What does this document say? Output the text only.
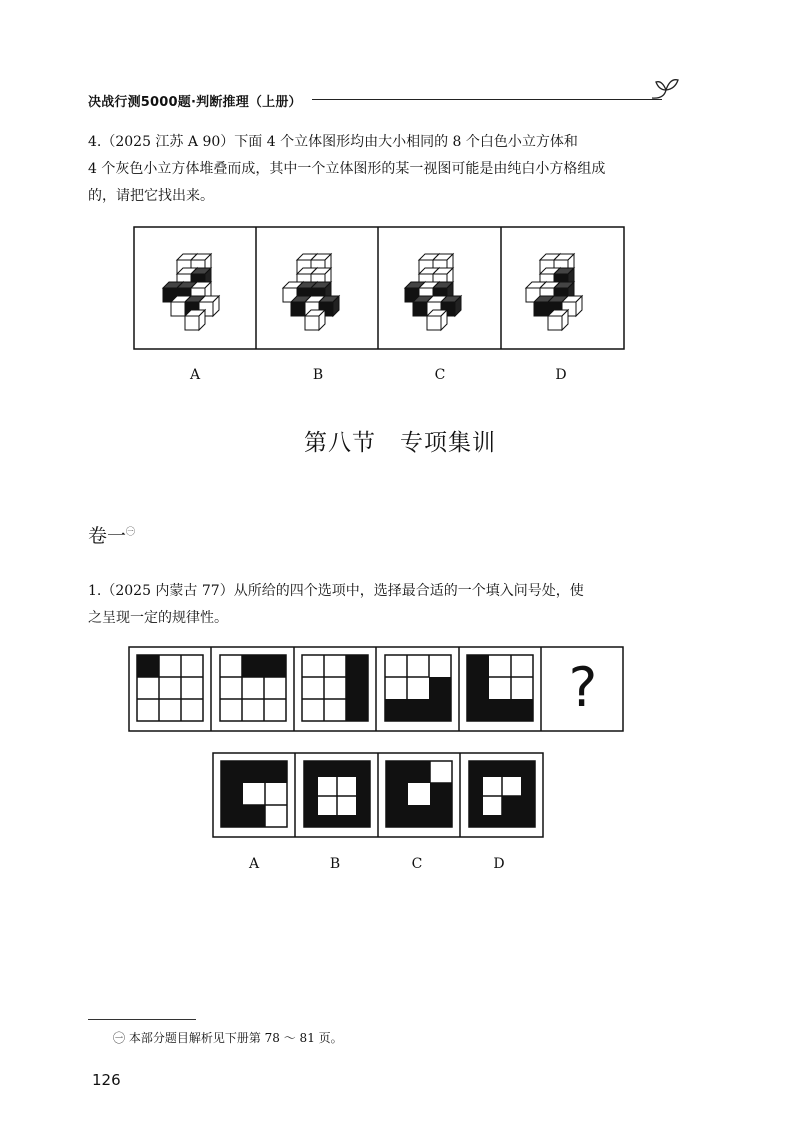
决战行测5000题·判断推理（上册）
4.（2025 江苏 A 90）下面 4 个立体图形均由大小相同的 8 个白色小立方体和
4 个灰色小立方体堆叠而成，其中一个立体图形的某一视图可能是由纯白小方格组成
的，请把它找出来。
A	B	C	D
第八节　专项集训
卷一$^㊀$
1.（2025 内蒙古 77）从所给的四个选项中，选择最合适的一个填入问号处，使
之呈现一定的规律性。
?
A	B	C	D
㊀ 本部分题目解析见下册第 78 ～ 81 页。
126
